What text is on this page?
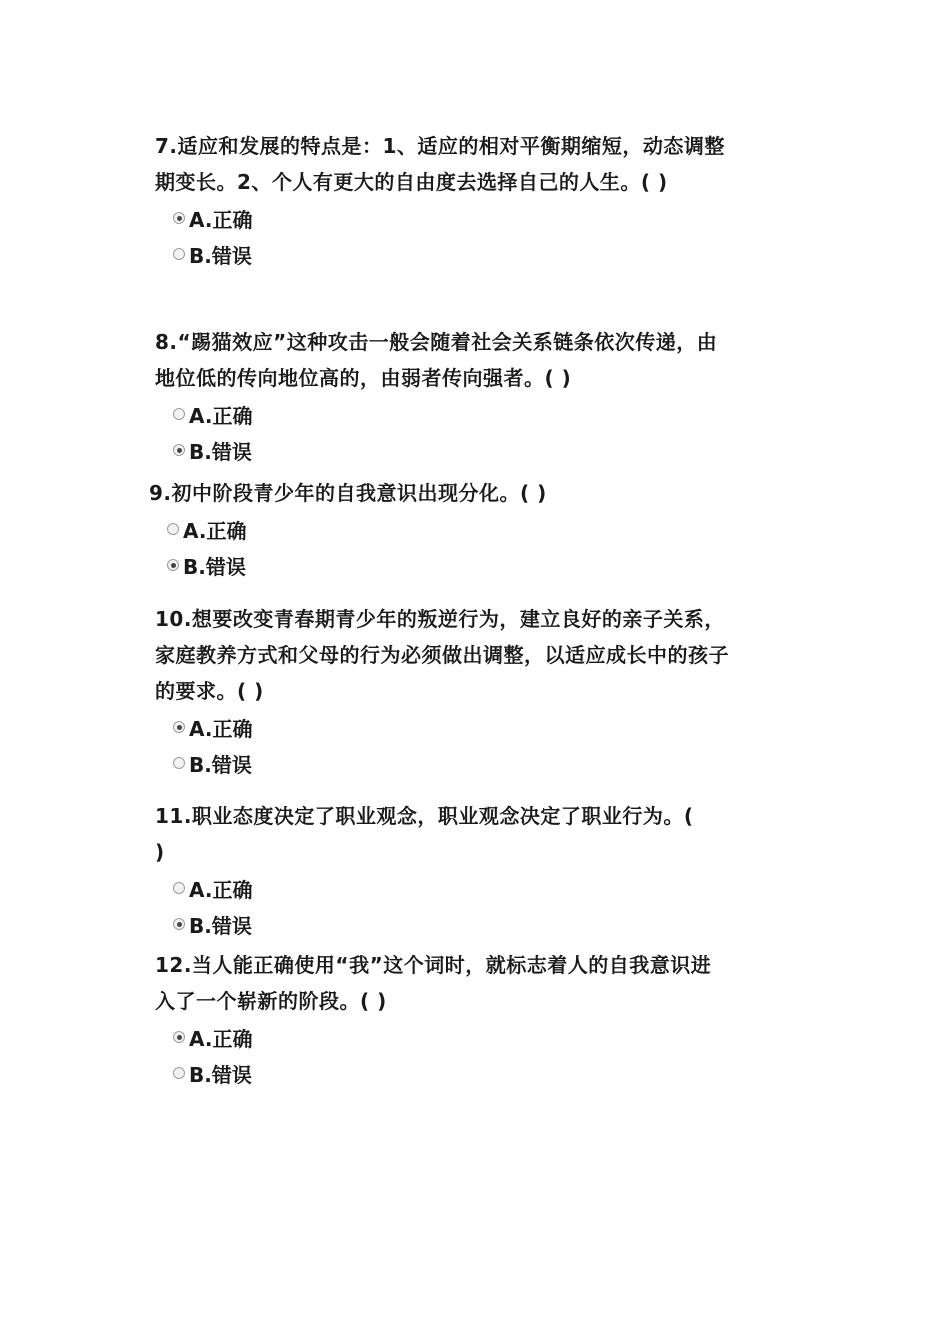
7.适应和发展的特点是：1、适应的相对平衡期缩短，动态调整期变长。2、个人有更大的自由度去选择自己的人生。( )
A.正确
B.错误
8.“踢猫效应”这种攻击一般会随着社会关系链条依次传递，由地位低的传向地位高的，由弱者传向强者。( )
A.正确
B.错误
9.初中阶段青少年的自我意识出现分化。( )
A.正确
B.错误
10.想要改变青春期青少年的叛逆行为，建立良好的亲子关系，家庭教养方式和父母的行为必须做出调整，以适应成长中的孩子的要求。( )
A.正确
B.错误
11.职业态度决定了职业观念，职业观念决定了职业行为。( )
A.正确
B.错误
12.当人能正确使用“我”这个词时，就标志着人的自我意识进入了一个崭新的阶段。( )
A.正确
B.错误
